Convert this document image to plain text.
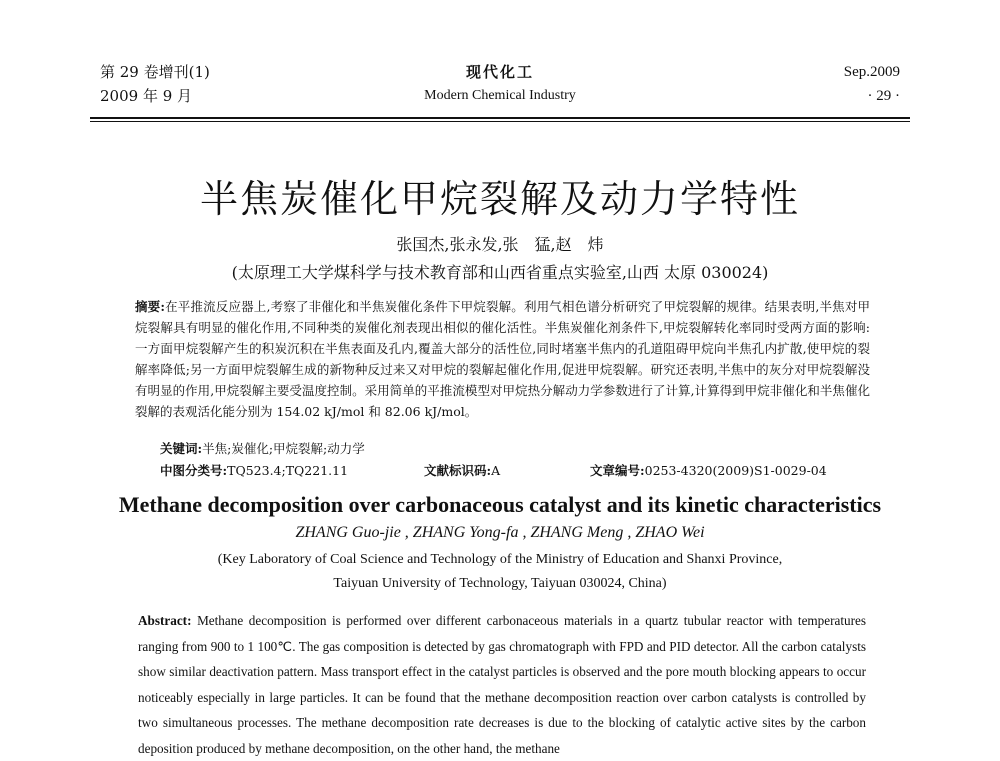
第 29 卷增刊(1)
2009 年 9 月
现代化工
Modern Chemical Industry
Sep.2009
· 29 ·
半焦炭催化甲烷裂解及动力学特性
张国杰,张永发,张　猛,赵　炜
(太原理工大学煤科学与技术教育部和山西省重点实验室,山西 太原 030024)
摘要:在平推流反应器上,考察了非催化和半焦炭催化条件下甲烷裂解。利用气相色谱分析研究了甲烷裂解的规律。结果表明,半焦对甲烷裂解具有明显的催化作用,不同种类的炭催化剂表现出相似的催化活性。半焦炭催化剂条件下,甲烷裂解转化率同时受两方面的影响:一方面甲烷裂解产生的积炭沉积在半焦表面及孔内,覆盖大部分的活性位,同时堵塞半焦内的孔道阻碍甲烷向半焦孔内扩散,使甲烷的裂解率降低;另一方面甲烷裂解生成的新物种反过来又对甲烷的裂解起催化作用,促进甲烷裂解。研究还表明,半焦中的灰分对甲烷裂解没有明显的作用,甲烷裂解主要受温度控制。采用简单的平推流模型对甲烷热分解动力学参数进行了计算,计算得到甲烷非催化和半焦催化裂解的表观活化能分别为 154.02 kJ/mol 和 82.06 kJ/mol。
关键词:半焦;炭催化;甲烷裂解;动力学
中图分类号:TQ523.4;TQ221.11	文献标识码:A	文章编号:0253-4320(2009)S1-0029-04
Methane decomposition over carbonaceous catalyst and its kinetic characteristics
ZHANG Guo-jie , ZHANG Yong-fa , ZHANG Meng , ZHAO Wei
(Key Laboratory of Coal Science and Technology of the Ministry of Education and Shanxi Province,
Taiyuan University of Technology, Taiyuan 030024, China)
Abstract: Methane decomposition is performed over different carbonaceous materials in a quartz tubular reactor with temperatures ranging from 900 to 1 100℃. The gas composition is detected by gas chromatograph with FPD and PID detector. All the carbon catalysts show similar deactivation pattern. Mass transport effect in the catalyst particles is observed and the pore mouth blocking appears to occur noticeably especially in large particles. It can be found that the methane decomposition reaction over carbon catalysts is controlled by two simultaneous processes. The methane decomposition rate decreases is due to the blocking of catalytic active sites by the carbon deposition produced by methane decomposition, on the other hand, the methane
